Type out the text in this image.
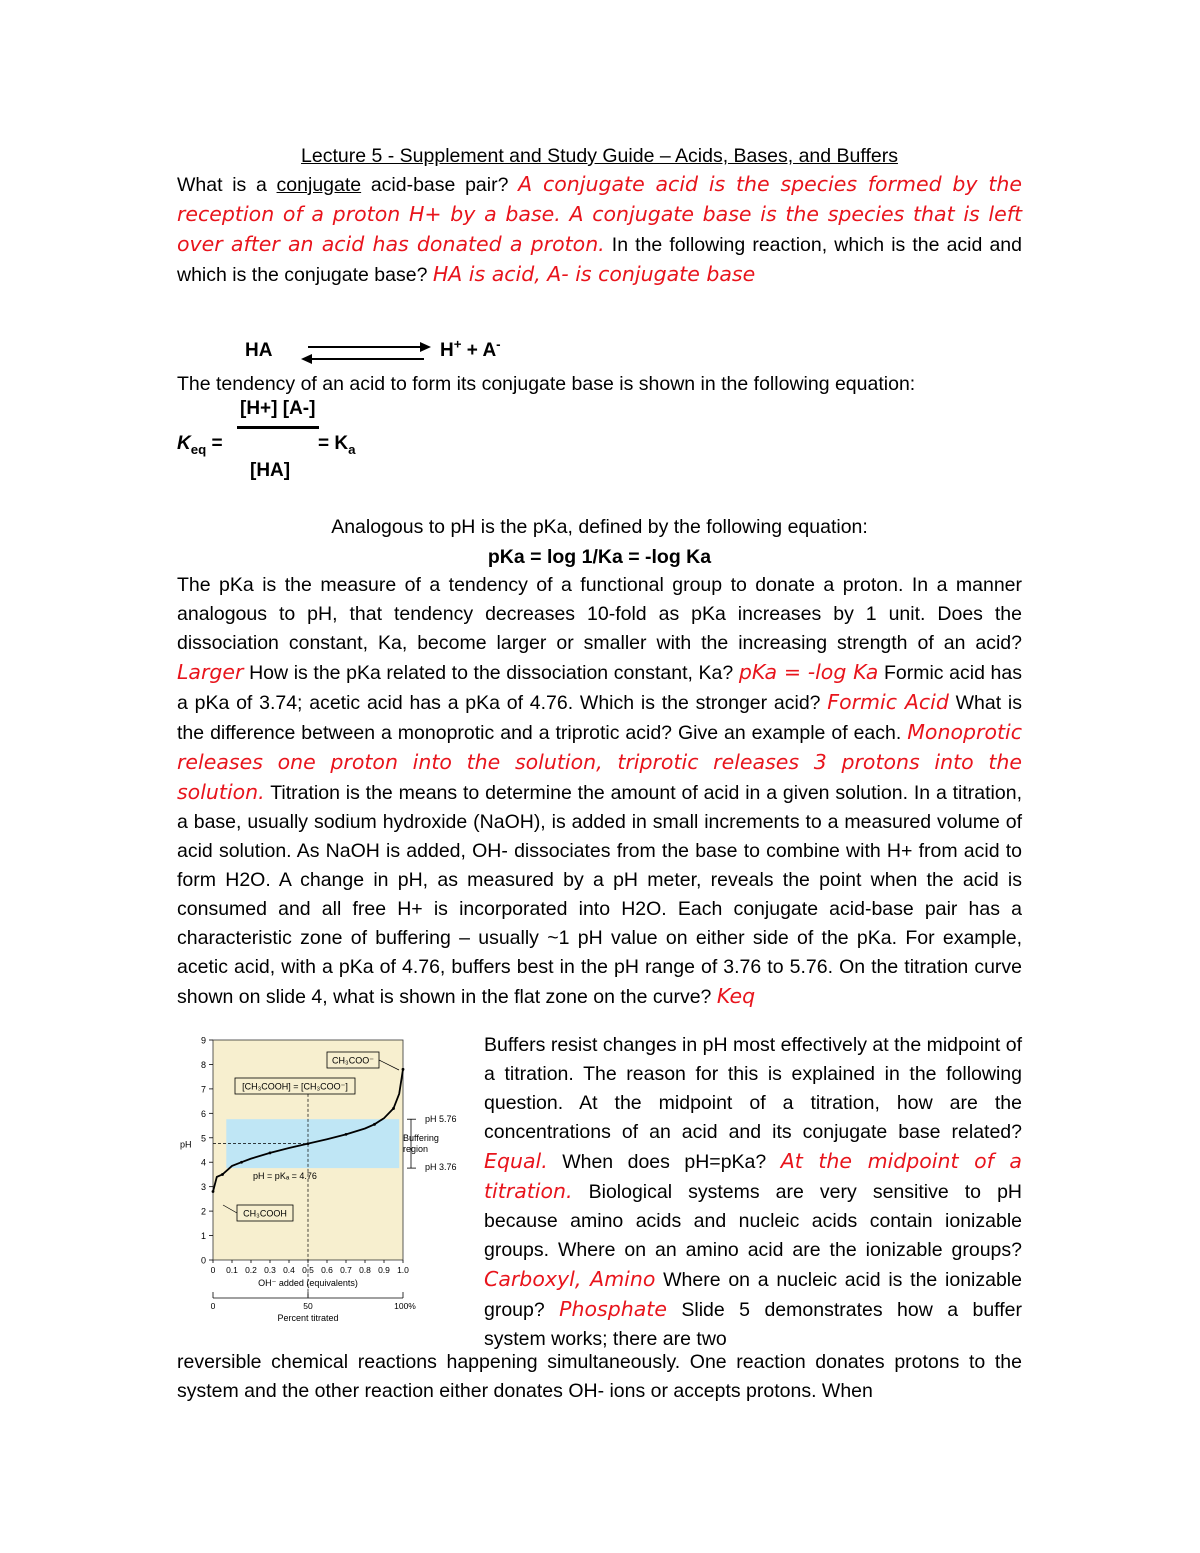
Lecture 5 - Supplement and Study Guide – Acids, Bases, and Buffers
What is a conjugate acid-base pair? A conjugate acid is the species formed by the reception of a proton H+ by a base. A conjugate base is the species that is left over after an acid has donated a proton. In the following reaction, which is the acid and which is the conjugate base? HA is acid, A- is conjugate base
HA	H+ + A-
The tendency of an acid to form its conjugate base is shown in the following equation:
[H+] [A-]
$K_{eq}$ =	= $K_a$
[HA]
Analogous to pH is the pKa, defined by the following equation:
pKa = log 1/Ka = -log Ka
The pKa is the measure of a tendency of a functional group to donate a proton. In a manner analogous to pH, that tendency decreases 10-fold as pKa increases by 1 unit. Does the dissociation constant, Ka, become larger or smaller with the increasing strength of an acid? Larger How is the pKa related to the dissociation constant, Ka? pKa = -log Ka Formic acid has a pKa of 3.74; acetic acid has a pKa of 4.76. Which is the stronger acid? Formic Acid What is the difference between a monoprotic and a triprotic acid? Give an example of each. Monoprotic releases one proton into the solution, triprotic releases 3 protons into the solution. Titration is the means to determine the amount of acid in a given solution. In a titration, a base, usually sodium hydroxide (NaOH), is added in small increments to a measured volume of acid solution. As NaOH is added, OH- dissociates from the base to combine with H+ from acid to form H2O. A change in pH, as measured by a pH meter, reveals the point when the acid is consumed and all free H+ is incorporated into H2O. Each conjugate acid-base pair has a characteristic zone of buffering – usually ~1 pH value on either side of the pKa. For example, acetic acid, with a pKa of 4.76, buffers best in the pH range of 3.76 to 5.76. On the titration curve shown on slide 4, what is shown in the flat zone on the curve? Keq
0
1
2
3
4
5
6
7
8
9
0 0.1 0.2 0.3 0.4 0.5 0.6 0.7 0.8 0.9 1.0
OH⁻ added (equivalents)
pH
0	50	100%
Percent titrated
CH₃COO⁻
[CH₃COOH] = [CH₃COO⁻]
pH = pKₐ = 4.76
CH₃COOH
Buffers resist changes in pH most effectively at the midpoint of a titration. The reason for this is explained in the following question. At the midpoint of a titration, how are the concentrations of an acid and its conjugate base related? Equal. When does pH=pKa? At the midpoint of a titration. Biological systems are very sensitive to pH because amino acids and nucleic acids contain ionizable groups. Where on an amino acid are the ionizable groups? Carboxyl, Amino Where on a nucleic acid is the ionizable group? Phosphate Slide 5 demonstrates how a buffer system works; there are two
reversible chemical reactions happening simultaneously. One reaction donates protons to the system and the other reaction either donates OH- ions or accepts protons. When
pH 5.76
Buffering
region
pH 3.76
